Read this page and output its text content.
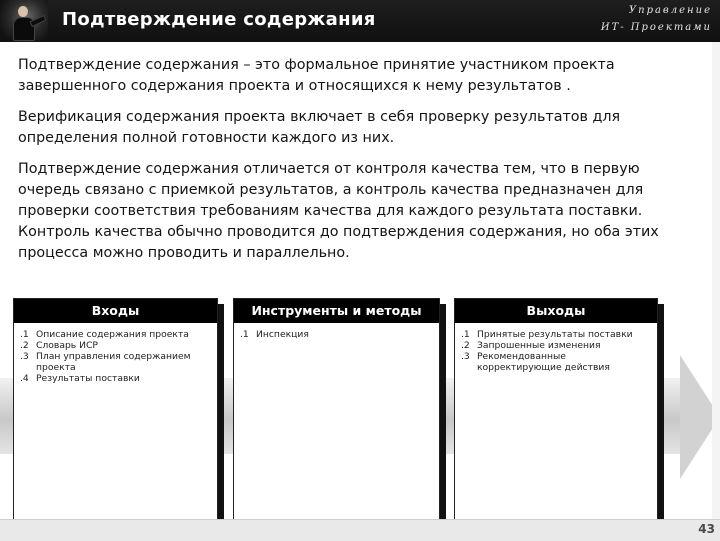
Подтверждение содержания	Управление
ИТ- Проектами

Подтверждение содержания – это формальное принятие участником проекта завершенного содержания проекта и относящихся к нему результатов .

Верификация содержания проекта включает в себя проверку результатов для определения полной готовности каждого из них.

Подтверждение содержания отличается от контроля качества тем, что в первую очередь связано с приемкой результатов, а контроль качества предназначен для проверки соответствия требованиям качества для каждого результата поставки. Контроль качества обычно проводится до подтверждения содержания, но оба этих процесса можно проводить и параллельно.

Входы
.1 Описание содержания проекта
.2 Словарь ИСР
.3 План управления содержанием проекта
.4 Результаты поставки
Инструменты и методы
.1 Инспекция
Выходы
.1 Принятые результаты поставки
.2 Запрошенные изменения
.3 Рекомендованные корректирующие действия
43
